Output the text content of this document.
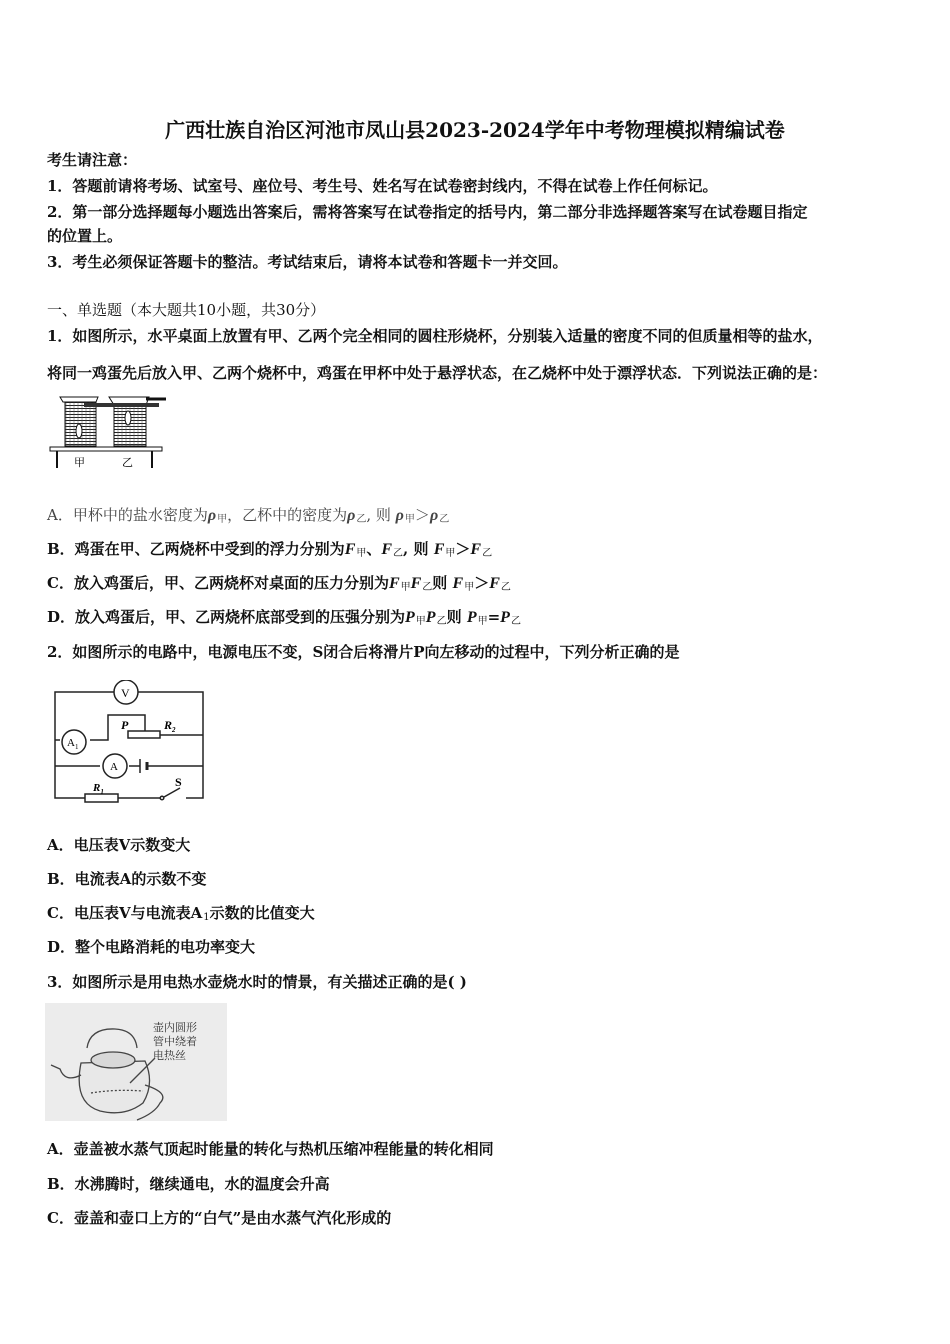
广西壮族自治区河池市凤山县2023-2024学年中考物理模拟精编试卷
考生请注意：
1．答题前请将考场、试室号、座位号、考生号、姓名写在试卷密封线内，不得在试卷上作任何标记。
2．第一部分选择题每小题选出答案后，需将答案写在试卷指定的括号内，第二部分非选择题答案写在试卷题目指定
的位置上。
3．考生必须保证答题卡的整洁。考试结束后，请将本试卷和答题卡一并交回。
一、单选题（本大题共10小题，共30分）
1．如图所示，水平桌面上放置有甲、乙两个完全相同的圆柱形烧杯，分别装入适量的密度不同的但质量相等的盐水，
将同一鸡蛋先后放入甲、乙两个烧杯中，鸡蛋在甲杯中处于悬浮状态，在乙烧杯中处于漂浮状态．下列说法正确的是：
甲	乙
A．甲杯中的盐水密度为ρ甲，乙杯中的密度为ρ乙, 则 ρ甲＞ρ乙
B．鸡蛋在甲、乙两烧杯中受到的浮力分别为F甲、F乙, 则 F甲＞F乙
C．放入鸡蛋后，甲、乙两烧杯对桌面的压力分别为F甲F乙则 F甲＞F乙
D．放入鸡蛋后，甲、乙两烧杯底部受到的压强分别为P甲P乙则 P甲=P乙
2．如图所示的电路中，电源电压不变，S闭合后将滑片P向左移动的过程中，下列分析正确的是
V
$A_1$
A
P	$R_2$
$R_1$
S
A．电压表V示数变大
B．电流表A的示数不变
C．电压表V与电流表A1示数的比值变大
D．整个电路消耗的电功率变大
3．如图所示是用电热水壶烧水时的情景，有关描述正确的是( )
壶内圆形
管中绕着
电热丝
A．壶盖被水蒸气顶起时能量的转化与热机压缩冲程能量的转化相同
B．水沸腾时，继续通电，水的温度会升高
C．壶盖和壶口上方的“白气”是由水蒸气汽化形成的
